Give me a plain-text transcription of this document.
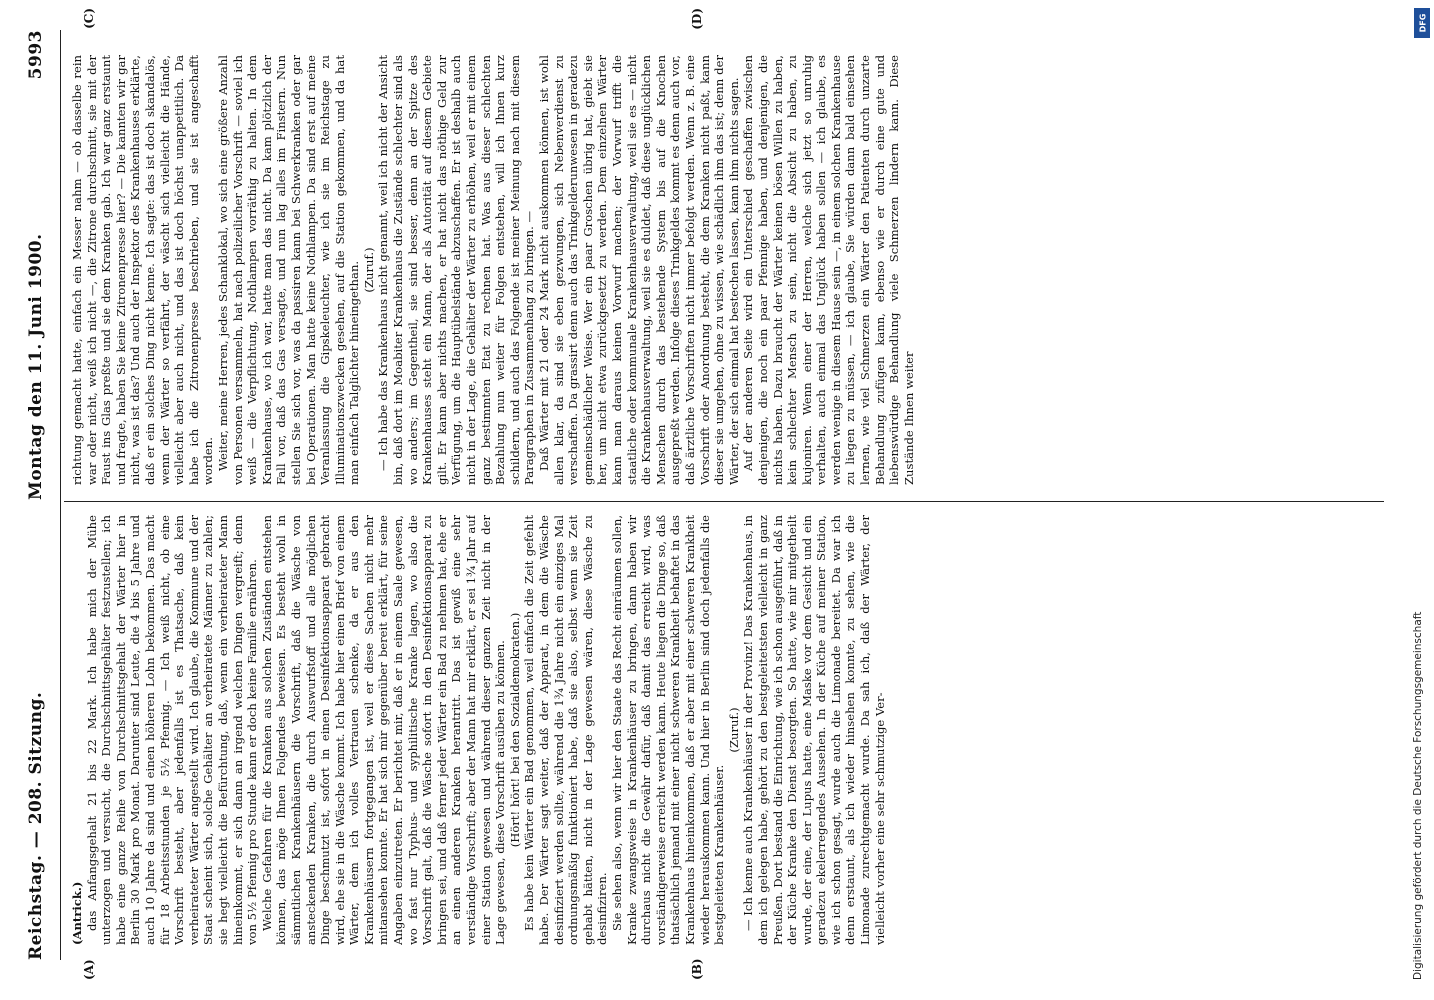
Reichstag. — 208. Sitzung.
Montag den 11. Juni 1900.
5993
(A)	(B)
(C)	(D)

(Antrick.) das Anfangsgehalt 21 bis 22 Mark. Ich habe mich der Mühe unterzogen und versucht, die Durchschnittsgehälter festzustellen; ich habe eine ganze Reihe von Durchschnittsgehalt der Wärter hier in Berlin 30 Mark pro Monat. Darunter sind Leute, die 4 bis 5 Jahre und auch 10 Jahre da sind und einen höheren Lohn bekommen. Das macht für 18 Arbeitsstunden je 5½ Pfennig. — Ich weiß nicht, ob eine Vorschrift besteht, aber jedenfalls ist es Thatsache, daß kein verheirateter Wärter angestellt wird. Ich glaube, die Kommune und der Staat scheint sich, solche Gehälter an verheiratete Männer zu zahlen; sie hegt vielleicht die Befürchtung, daß, wenn ein verheirateter Mann hineinkommt, er sich dann an irgend welchen Dingen vergreift; denn von 5½ Pfennig pro Stunde kann er doch keine Familie ernähren. Welche Gefahren für die Kranken aus solchen Zuständen entstehen können, das möge Ihnen Folgendes beweisen. Es besteht wohl in sämmtlichen Krankenhäusern die Vorschrift, daß die Wäsche von ansteckenden Kranken, die durch Auswurfstoff und alle möglichen Dinge beschmutzt ist, sofort in einen Desinfektionsapparat gebracht wird, ehe sie in die Wäsche kommt. Ich habe hier einen Brief von einem Wärter, dem ich volles Vertrauen schenke, da er aus den Krankenhäusern fortgegangen ist, weil er diese Sachen nicht mehr mitansehen konnte. Er hat sich mir gegenüber bereit erklärt, für seine Angaben einzutreten. Er berichtet mir, daß er in einem Saale gewesen, wo fast nur Typhus- und syphilitische Kranke lagen, wo also die Vorschrift galt, daß die Wäsche sofort in den Desinfektionsapparat zu bringen sei, und daß ferner jeder Wärter ein Bad zu nehmen hat, ehe er an einen anderen Kranken herantritt. Das ist gewiß eine sehr verständige Vorschrift; aber der Mann hat mir erklärt, er sei 1¾ Jahr auf einer Station gewesen und während dieser ganzen Zeit nicht in der Lage gewesen, diese Vorschrift ausüben zu können. (Hört! hört! bei den Sozialdemokraten.) Es habe kein Wärter ein Bad genommen, weil einfach die Zeit gefehlt habe. Der Wärter sagt weiter, daß der Apparat, in dem die Wäsche desinfiziert werden sollte, während die 1¾ Jahre nicht ein einziges Mal ordnungsmäßig funktioniert habe, daß sie also, selbst wenn sie Zeit gehabt hätten, nicht in der Lage gewesen wären, diese Wäsche zu desinfiziren. Sie sehen also, wenn wir hier den Staate das Recht einräumen sollen, Kranke zwangsweise in Krankenhäuser zu bringen, dann haben wir durchaus nicht die Gewähr dafür, daß damit das erreicht wird, was vorständigerweise erreicht werden kann. Heute liegen die Dinge so, daß thatsächlich jemand mit einer nicht schweren Krankheit behaftet in das Krankenhaus hineinkommen, daß er aber mit einer schweren Krankheit wieder herauskommen kann. Und hier in Berlin sind doch jedenfalls die bestgeleiteten Krankenhäuser.

(Zuruf.) — Ich kenne auch Krankenhäuser in der Provinz! Das Krankenhaus, in dem ich gelegen habe, gehört zu den bestgeleitetsten vielleicht in ganz Preußen. Dort bestand die Einrichtung, wie ich schon ausgeführt, daß in der Küche Kranke den Dienst besorgten. So hatte, wie mir mitgetheilt wurde, der eine, der Lupus hatte, eine Maske vor dem Gesicht und ein geradezu ekelerregendes Aussehen. In der Küche auf meiner Station, wie ich schon gesagt, wurde auch die Limonade bereitet. Da war ich denn erstaunt, als ich wieder hinsehen konnte, zu sehen, wie die Limonade zurechtgemacht wurde. Da sah ich, daß der Wärter, der vielleicht vorher eine sehr schmutzige Ver-

richtung gemacht hatte, einfach ein Messer nahm — ob dasselbe rein war oder nicht, weiß ich nicht —, die Zitrone durchschnitt, sie mit der Faust ins Glas preßte und sie dem Kranken gab. Ich war ganz erstaunt und fragte, haben Sie keine Zitronenpresse hier? — Die kannten wir gar nicht, was ist das? Und auch der Inspektor des Krankenhauses erklärte, daß er ein solches Ding nicht kenne. Ich sagte: das ist doch skandalös, wenn der Wärter so verfährt, der wäscht sich vielleicht die Hände, vielleicht aber auch nicht, und das ist doch höchst unappetitlich. Da habe ich die Zitronenpresse beschrieben, und sie ist angeschafft worden. Weiter, meine Herren, jedes Schanklokal, wo sich eine größere Anzahl von Personen versammeln, hat nach polizeilicher Vorschrift — soviel ich weiß — die Verpflichtung, Nothlampen vorräthig zu halten. In dem Krankenhause, wo ich war, hatte man das nicht. Da kam plötzlich der Fall vor, daß das Gas versagte, und nun lag alles im Finstern. Nun stellen Sie sich vor, was da passiren kann bei Schwerkranken oder gar bei Operationen. Man hatte keine Nothlampen. Da sind erst auf meine Veranlassung die Gipskeleuchter, wie ich sie im Reichstage zu Illuminationszwecken gesehen, auf die Station gekommen, und da hat man einfach Talglichter hineingethan. (Zuruf.) — Ich habe das Krankenhaus nicht genannt, weil ich nicht der Ansicht bin, daß dort im Moabiter Krankenhaus die Zustände schlechter sind als wo anders; im Gegentheil, sie sind besser, denn an der Spitze des Krankenhauses steht ein Mann, der als Autorität auf diesem Gebiete gilt. Er kann aber nichts machen, er hat nicht das nöthige Geld zur Verfügung, um die Hauptübelstände abzuschaffen. Er ist deshalb auch nicht in der Lage, die Gehälter der Wärter zu erhöhen, weil er mit einem ganz bestimmten Etat zu rechnen hat. Was aus dieser schlechten Bezahlung nun weiter für Folgen entstehen, will ich Ihnen kurz schildern, und auch das Folgende ist meiner Meinung nach mit diesem Paragraphen in Zusammenhang zu bringen. — Daß Wärter mit 21 oder 24 Mark nicht auskommen können, ist wohl allen klar, da sind sie eben gezwungen, sich Nebenverdienst zu verschaffen. Da grassirt denn auch das Trinkgelderunwesen in geradezu gemeinschädlicher Weise. Wer ein paar Groschen übrig hat, giebt sie her, um nicht etwa zurückgesetzt zu werden. Dem einzelnen Wärter kann man daraus keinen Vorwurf machen; der Vorwurf trifft die staatliche oder kommunale Krankenhausverwaltung, weil sie es — nicht die Krankenhausverwaltung, weil sie es duldet, daß diese unglücklichen Menschen durch das bestehende System bis auf die Knochen ausgepreßt werden. Infolge dieses Trinkgeldes kommt es denn auch vor, daß ärztliche Vorschriften nicht immer befolgt werden. Wenn z. B. eine Vorschrift oder Anordnung besteht, die dem Kranken nicht paßt, kann dieser sie umgehen, ohne zu wissen, wie schädlich ihm das ist; denn der Wärter, der sich einmal hat bestechen lassen, kann ihm nichts sagen. Auf der anderen Seite wird ein Unterschied geschaffen zwischen denjenigen, die noch ein paar Pfennige haben, und denjenigen, die nichts haben. Dazu braucht der Wärter keinen bösen Willen zu haben, kein schlechter Mensch zu sein, nicht die Absicht zu haben, zu kujoniren. Wenn einer der Herren, welche sich jetzt so unruhig verhalten, auch einmal das Unglück haben sollen — ich glaube, es werden wenige in diesem Hause sein —, in einem solchen Krankenhause zu liegen zu müssen, — ich glaube, Sie würden dann bald einsehen lernen, wie viel Schmerzen ein Wärter den Patienten durch unzarte Behandlung zufügen kann, ebenso wie er durch eine gute und liebenswürdige Behandlung viele Schmerzen lindern kann. Diese Zustände Ihnen weiter

Digitalisierung gefördert durch die Deutsche Forschungsgemeinschaft
DFG
